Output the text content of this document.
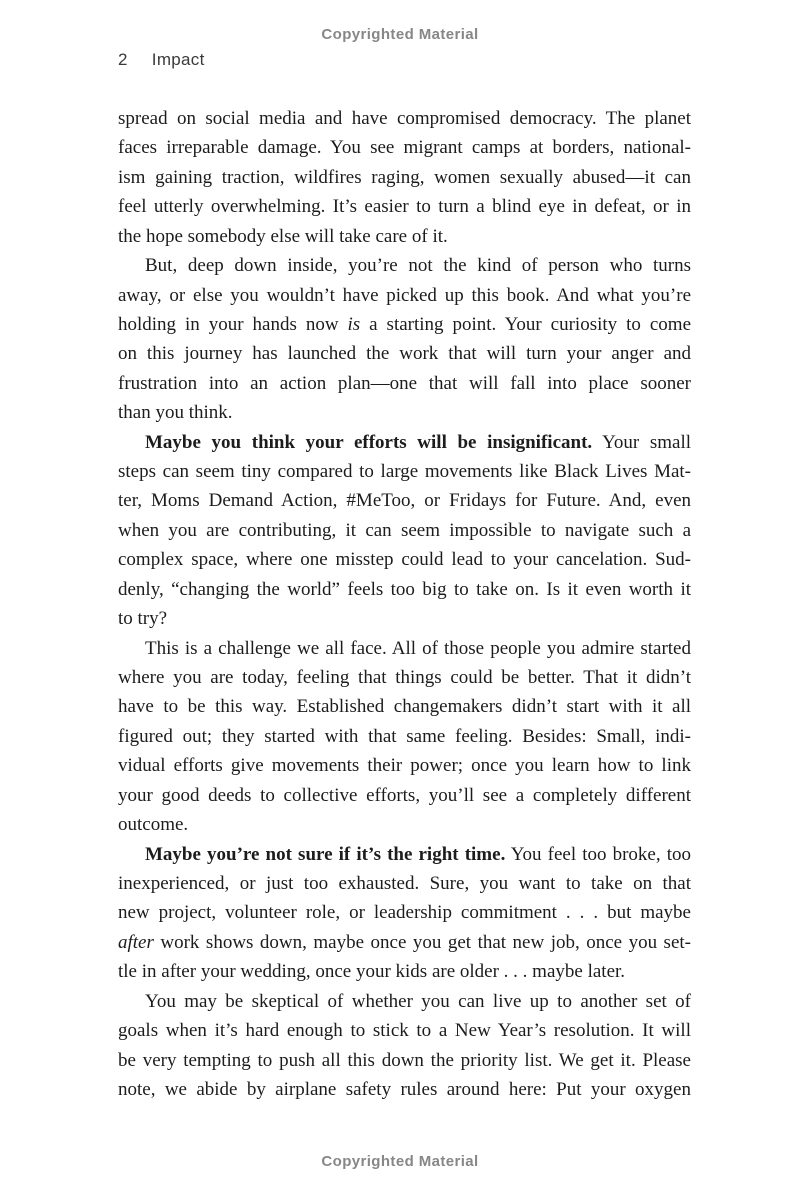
Copyrighted Material
2 Impact
spread on social media and have compromised democracy. The planet
faces irreparable damage. You see migrant camps at borders, national-
ism gaining traction, wildfires raging, women sexually abused—it can
feel utterly overwhelming. It’s easier to turn a blind eye in defeat, or in
the hope somebody else will take care of it.
But, deep down inside, you’re not the kind of person who turns
away, or else you wouldn’t have picked up this book. And what you’re
holding in your hands now is a starting point. Your curiosity to come
on this journey has launched the work that will turn your anger and
frustration into an action plan—one that will fall into place sooner
than you think.
Maybe you think your efforts will be insignificant. Your small
steps can seem tiny compared to large movements like Black Lives Mat-
ter, Moms Demand Action, #MeToo, or Fridays for Future. And, even
when you are contributing, it can seem impossible to navigate such a
complex space, where one misstep could lead to your cancelation. Sud-
denly, “changing the world” feels too big to take on. Is it even worth it
to try?
This is a challenge we all face. All of those people you admire started
where you are today, feeling that things could be better. That it didn’t
have to be this way. Established changemakers didn’t start with it all
figured out; they started with that same feeling. Besides: Small, indi-
vidual efforts give movements their power; once you learn how to link
your good deeds to collective efforts, you’ll see a completely different
outcome.
Maybe you’re not sure if it’s the right time. You feel too broke, too
inexperienced, or just too exhausted. Sure, you want to take on that
new project, volunteer role, or leadership commitment . . . but maybe
after work shows down, maybe once you get that new job, once you set-
tle in after your wedding, once your kids are older . . . maybe later.
You may be skeptical of whether you can live up to another set of
goals when it’s hard enough to stick to a New Year’s resolution. It will
be very tempting to push all this down the priority list. We get it. Please
note, we abide by airplane safety rules around here: Put your oxygen
Copyrighted Material
